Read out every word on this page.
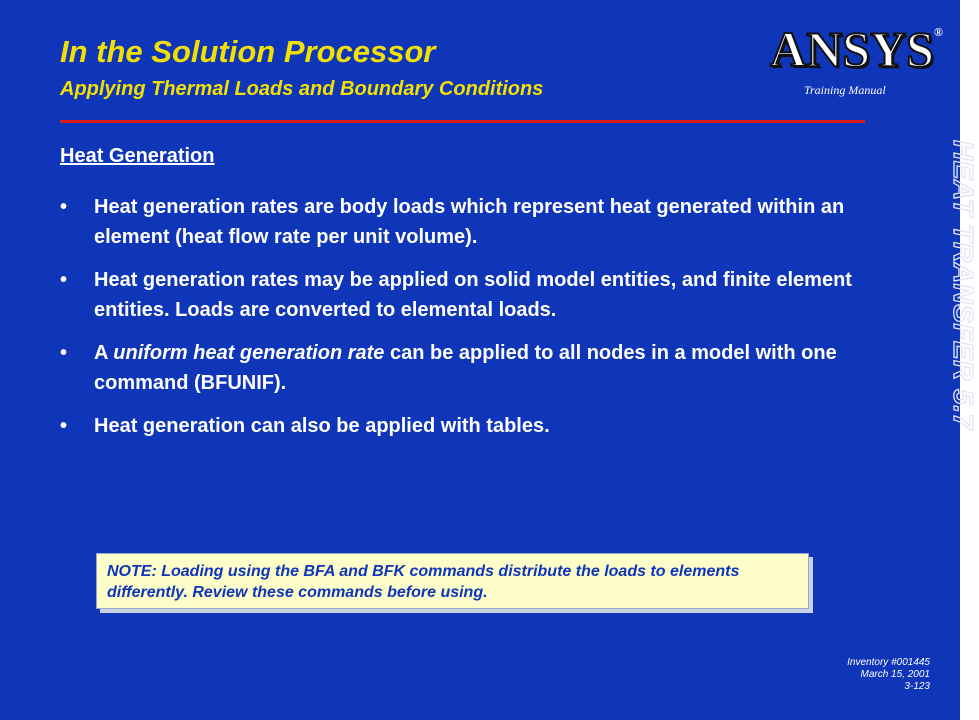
In the Solution Processor
Applying Thermal Loads and Boundary Conditions
ANSYS®
Training Manual
HEAT TRANSFER 5.7
Heat Generation
• Heat generation rates are body loads which represent heat generated within an element (heat flow rate per unit volume).
• Heat generation rates may be applied on solid model entities, and finite element entities. Loads are converted to elemental loads.
• A uniform heat generation rate can be applied to all nodes in a model with one command (BFUNIF).
• Heat generation can also be applied with tables.
NOTE: Loading using the BFA and BFK commands distribute the loads to elements differently. Review these commands before using.
Inventory #001445
March 15, 2001
3-123
